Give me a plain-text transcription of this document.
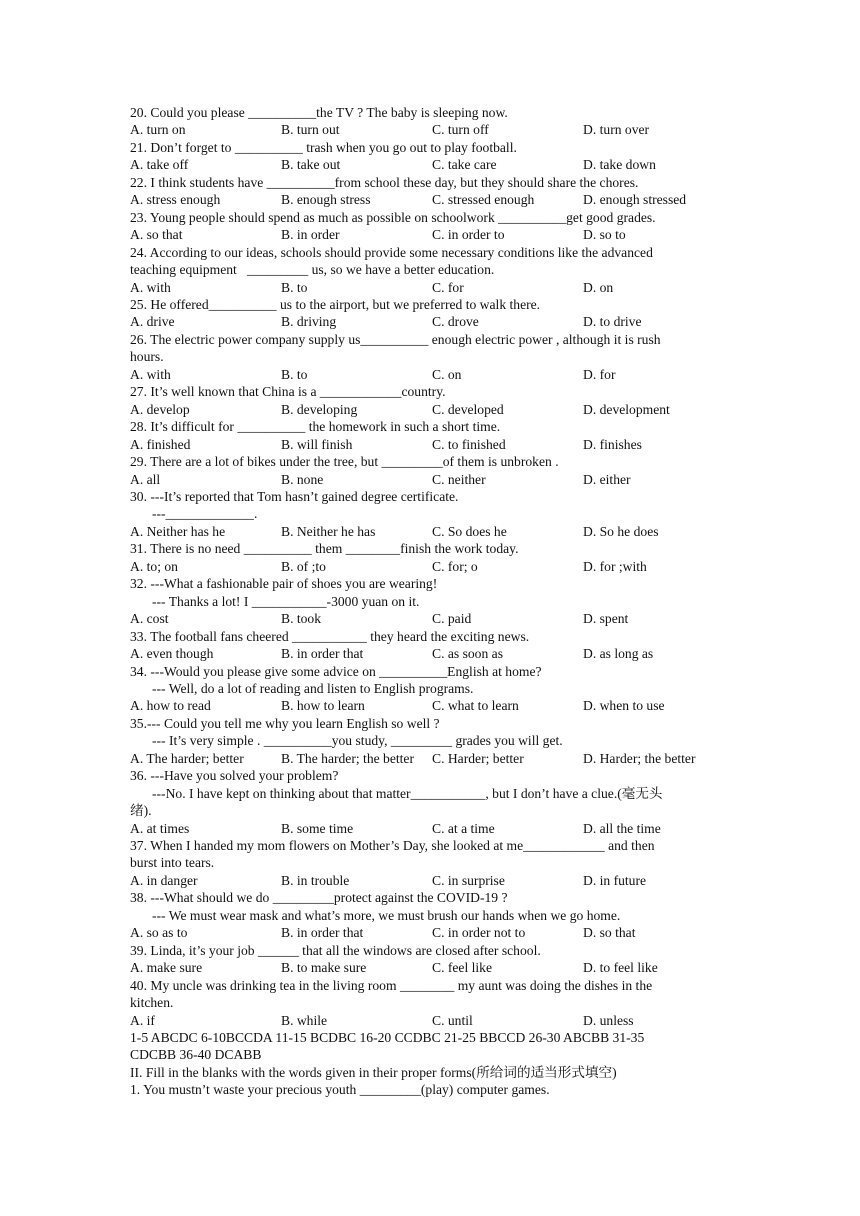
20. Could you please __________the TV ? The baby is sleeping now.
A. turn on	B. turn out	C. turn off	D. turn over
21. Don’t forget to __________ trash when you go out to play football.
A. take off	B. take out	C. take care	D. take down
22. I think students have __________from school these day, but they should share the chores.
A. stress enough	B. enough stress	C. stressed enough	D. enough stressed
23. Young people should spend as much as possible on schoolwork __________get good grades.
A. so that	B. in order	C. in order to	D. so to
24. According to our ideas, schools should provide some necessary conditions like the advanced
teaching equipment   _________ us, so we have a better education.
A. with	B. to	C. for	D. on
25. He offered__________ us to the airport, but we preferred to walk there.
A. drive	B. driving	C. drove	D. to drive
26. The electric power company supply us__________ enough electric power , although it is rush
hours.
A. with	B. to	C. on	D. for
27. It’s well known that China is a ____________country.
A. develop	B. developing	C. developed	D. development
28. It’s difficult for __________ the homework in such a short time.
A. finished	B. will finish	C. to finished	D. finishes
29. There are a lot of bikes under the tree, but _________of them is unbroken .
A. all	B. none	C. neither	D. either
30. ---It’s reported that Tom hasn’t gained degree certificate.
---_____________.
A. Neither has he	B. Neither he has	C. So does he	D. So he does
31. There is no need __________ them ________finish the work today.
A. to; on	B. of ;to	C. for; o	D. for ;with
32. ---What a fashionable pair of shoes you are wearing!
--- Thanks a lot! I ___________-3000 yuan on it.
A. cost	B. took	C. paid	D. spent
33. The football fans cheered ___________ they heard the exciting news.
A. even though	B. in order that	C. as soon as	D. as long as
34. ---Would you please give some advice on __________English at home?
--- Well, do a lot of reading and listen to English programs.
A. how to read	B. how to learn	C. what to learn	D. when to use
35.--- Could you tell me why you learn English so well ?
--- It’s very simple . __________you study, _________ grades you will get.
A. The harder; better	B. The harder; the better	C. Harder; better	D. Harder; the better
36. ---Have you solved your problem?
---No. I have kept on thinking about that matter___________, but I don’t have a clue.(毫无头
绪).
A. at times	B. some time	C. at a time	D. all the time
37. When I handed my mom flowers on Mother’s Day, she looked at me____________ and then
burst into tears.
A. in danger	B. in trouble	C. in surprise	D. in future
38. ---What should we do _________protect against the COVID-19 ?
--- We must wear mask and what’s more, we must brush our hands when we go home.
A. so as to	B. in order that	C. in order not to	D. so that
39. Linda, it’s your job ______ that all the windows are closed after school.
A. make sure	B. to make sure	C. feel like	D. to feel like
40. My uncle was drinking tea in the living room ________ my aunt was doing the dishes in the
kitchen.
A. if	B. while	C. until	D. unless
1-5 ABCDC 6-10BCCDA 11-15 BCDBC 16-20 CCDBC 21-25 BBCCD 26-30 ABCBB 31-35
CDCBB 36-40 DCABB
II. Fill in the blanks with the words given in their proper forms(所给词的适当形式填空)
1. You mustn’t waste your precious youth _________(play) computer games.
